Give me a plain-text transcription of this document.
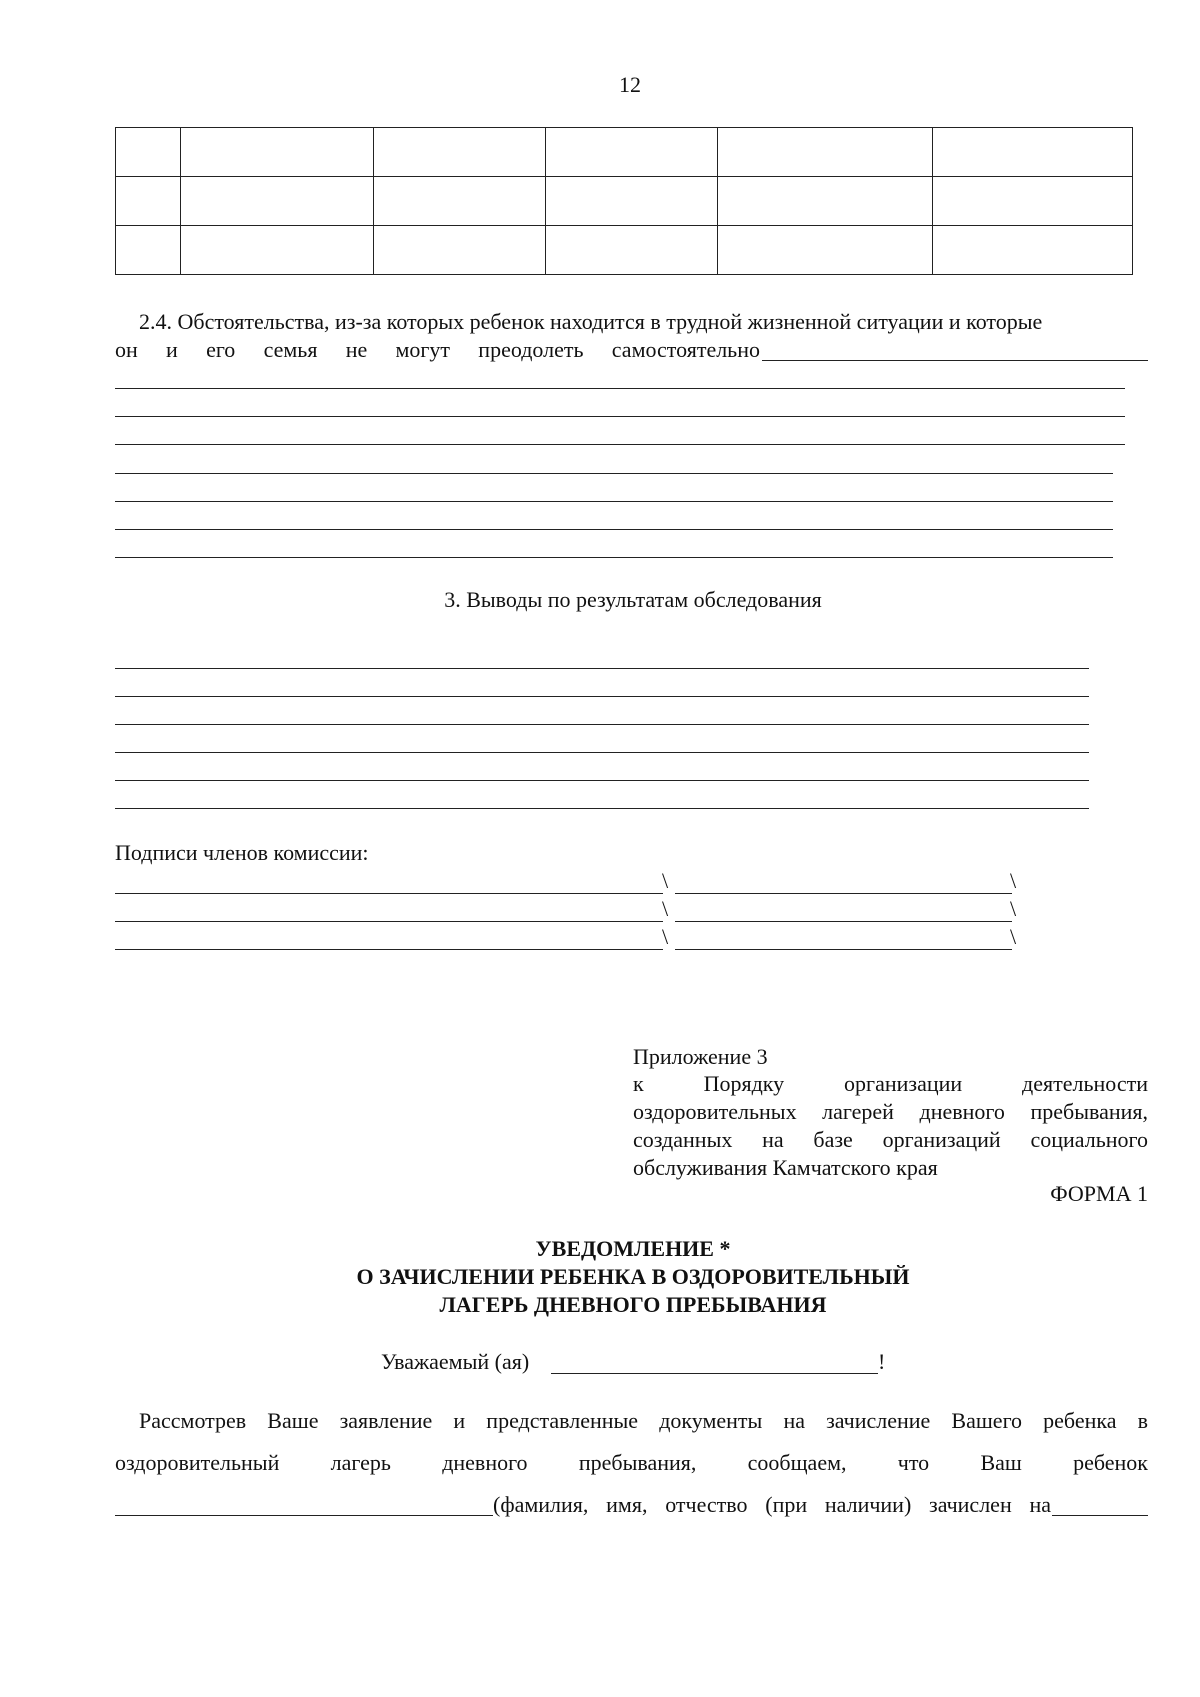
12

2.4. Обстоятельства, из-за которых ребенок находится в трудной жизненной ситуации и которые
он и его семья не могут преодолеть самостоятельно
3. Выводы по результатам обследования
Подписи членов комиссии:
\	\
\	\
\	\
Приложение 3
к Порядку организации деятельности
оздоровительных лагерей дневного пребывания,
созданных на базе организаций социального
обслуживания Камчатского края
ФОРМА 1
УВЕДОМЛЕНИЕ *
О ЗАЧИСЛЕНИИ РЕБЕНКА В ОЗДОРОВИТЕЛЬНЫЙ
ЛАГЕРЬ ДНЕВНОГО ПРЕБЫВАНИЯ
Уважаемый (ая)	!
Рассмотрев Ваше заявление и представленные документы на зачисление Вашего ребенка в
оздоровительный лагерь дневного пребывания, сообщаем, что Ваш ребенок
(фамилия, имя, отчество (при наличии) зачислен на
